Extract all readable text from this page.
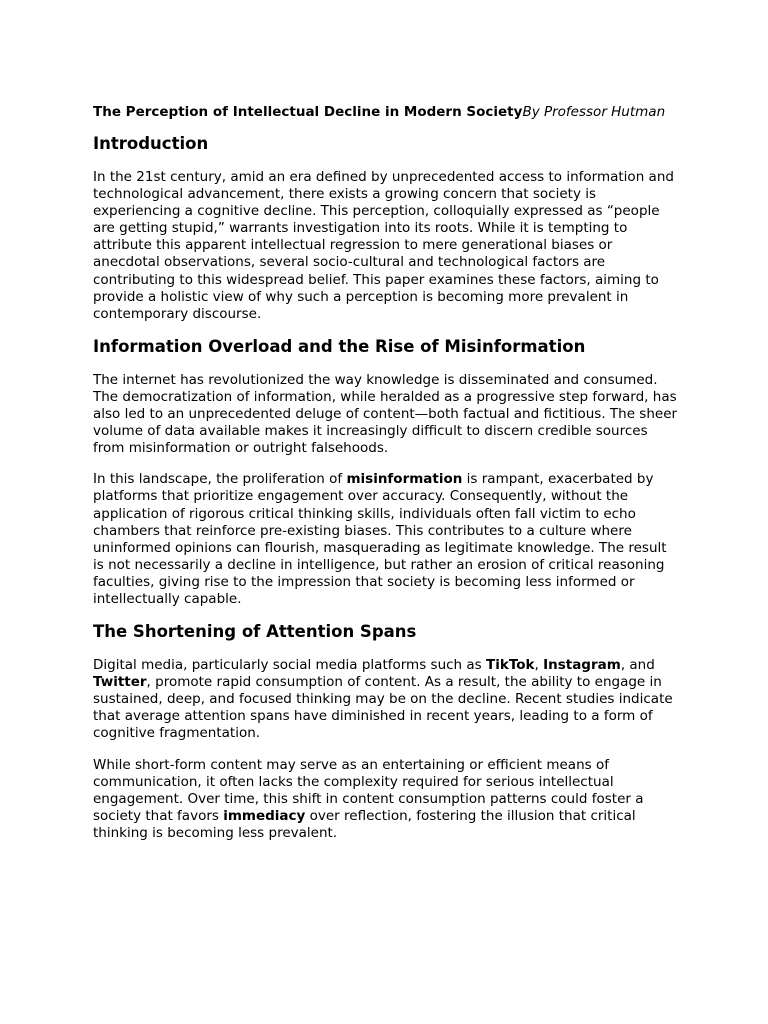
The Perception of Intellectual Decline in Modern SocietyBy Professor Hutman
Introduction

In the 21st century, amid an era defined by unprecedented access to information and technological advancement, there exists a growing concern that society is experiencing a cognitive decline. This perception, colloquially expressed as “people are getting stupid,” warrants investigation into its roots. While it is tempting to attribute this apparent intellectual regression to mere generational biases or anecdotal observations, several socio-cultural and technological factors are contributing to this widespread belief. This paper examines these factors, aiming to provide a holistic view of why such a perception is becoming more prevalent in contemporary discourse.

Information Overload and the Rise of Misinformation

The internet has revolutionized the way knowledge is disseminated and consumed. The democratization of information, while heralded as a progressive step forward, has also led to an unprecedented deluge of content—both factual and fictitious. The sheer volume of data available makes it increasingly difficult to discern credible sources from misinformation or outright falsehoods.

In this landscape, the proliferation of misinformation is rampant, exacerbated by platforms that prioritize engagement over accuracy. Consequently, without the application of rigorous critical thinking skills, individuals often fall victim to echo chambers that reinforce pre-existing biases. This contributes to a culture where uninformed opinions can flourish, masquerading as legitimate knowledge. The result is not necessarily a decline in intelligence, but rather an erosion of critical reasoning faculties, giving rise to the impression that society is becoming less informed or intellectually capable.

The Shortening of Attention Spans

Digital media, particularly social media platforms such as TikTok, Instagram, and Twitter, promote rapid consumption of content. As a result, the ability to engage in sustained, deep, and focused thinking may be on the decline. Recent studies indicate that average attention spans have diminished in recent years, leading to a form of cognitive fragmentation.

While short-form content may serve as an entertaining or efficient means of communication, it often lacks the complexity required for serious intellectual engagement. Over time, this shift in content consumption patterns could foster a society that favors immediacy over reflection, fostering the illusion that critical thinking is becoming less prevalent.
